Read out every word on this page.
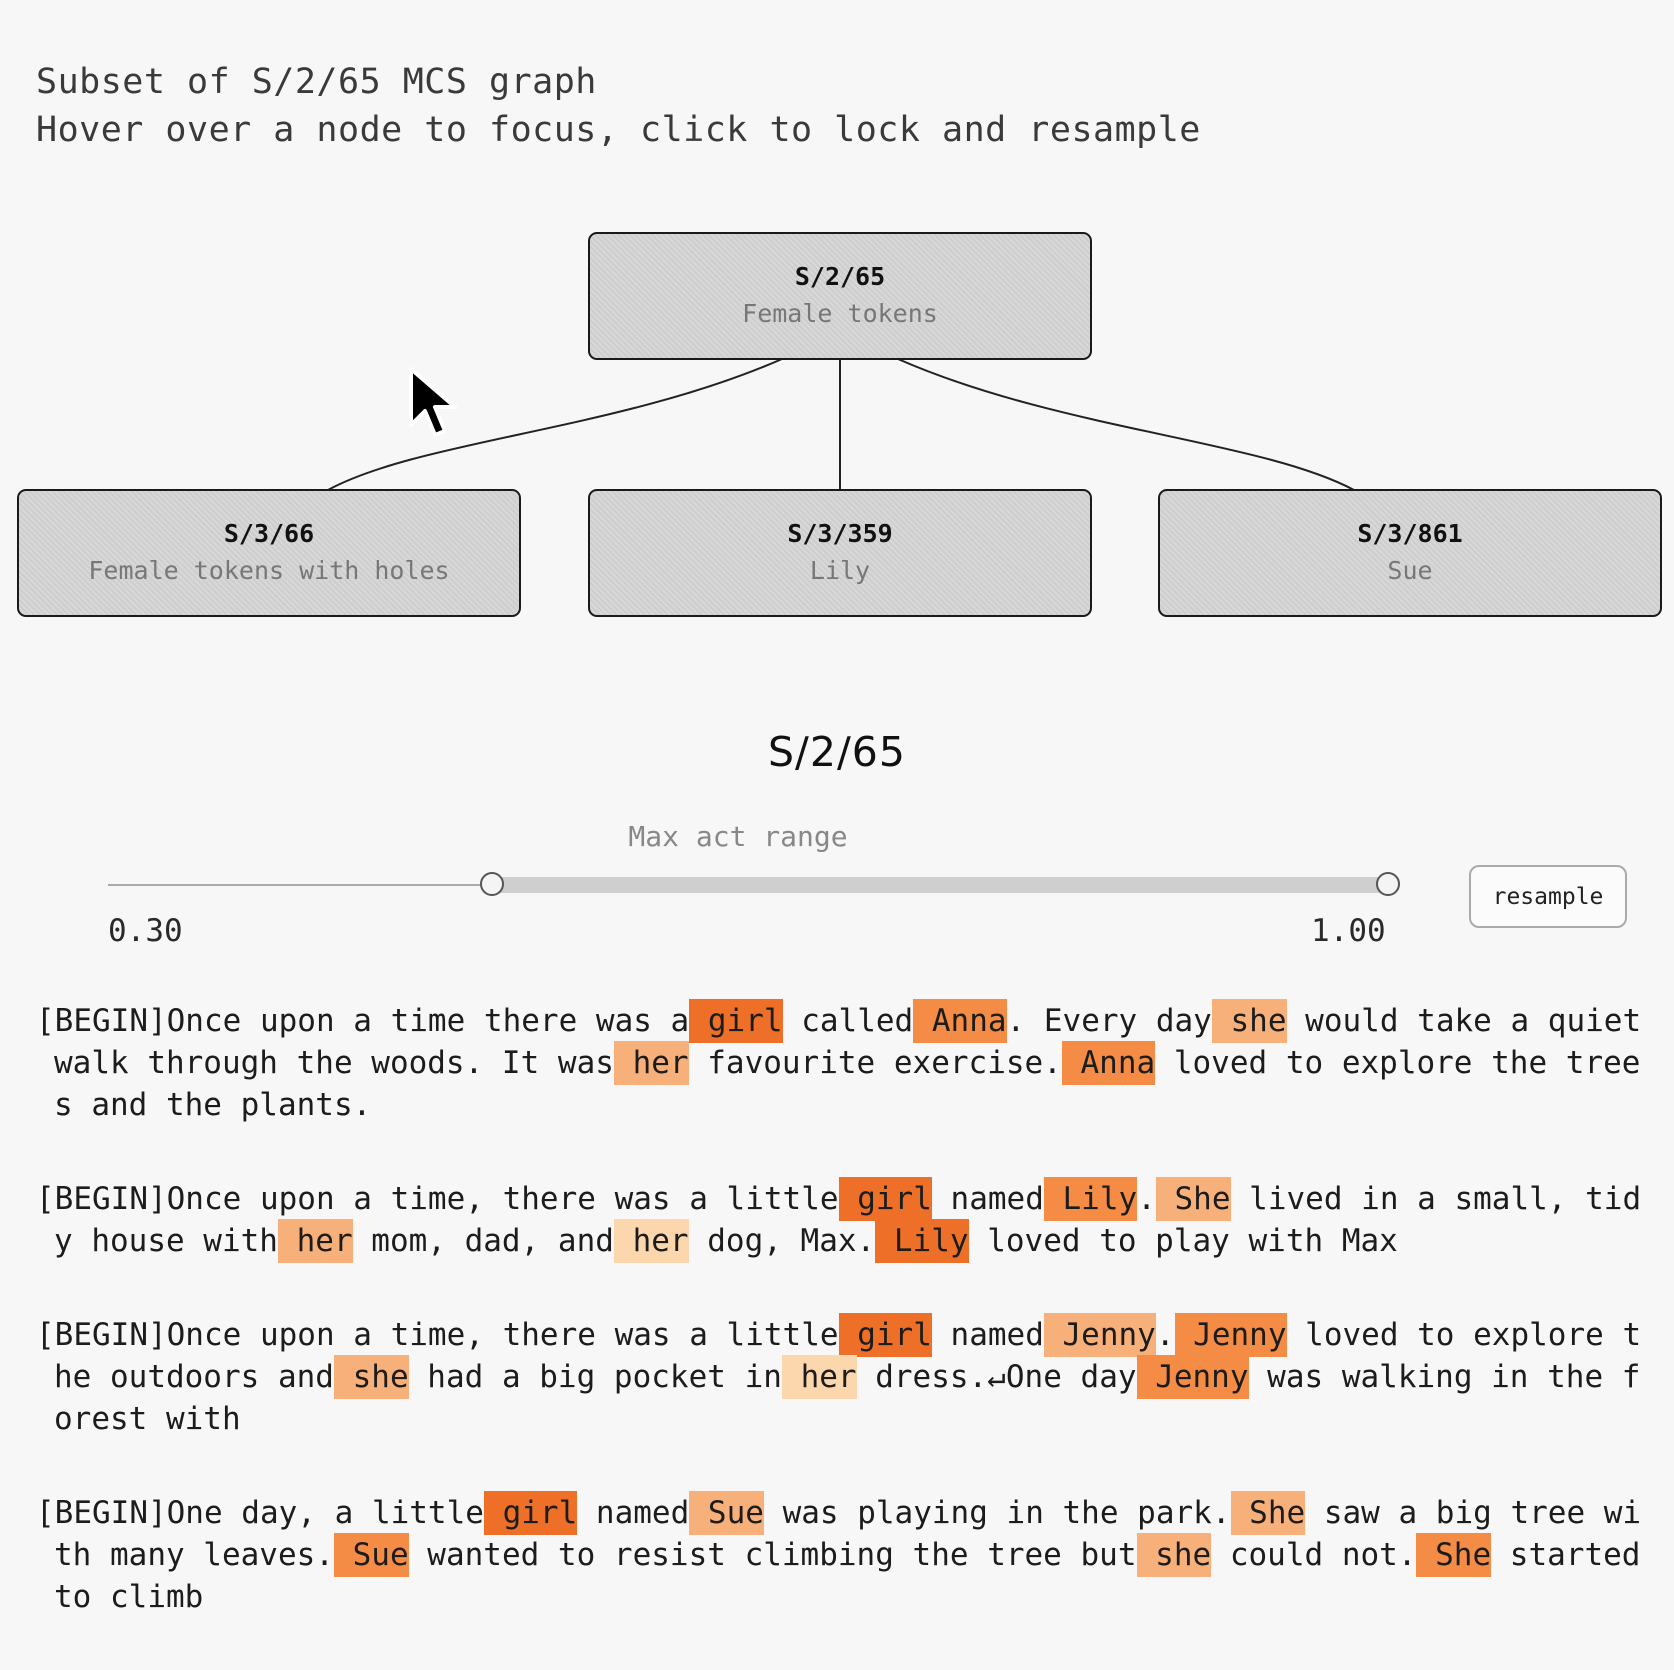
Subset of S/2/65 MCS graph
Hover over a node to focus, click to lock and resample
S/2/65
Female tokens
S/3/66
Female tokens with holes
S/3/359
Lily
S/3/861
Sue
S/2/65
Max act range
0.30	1.00
resample
[BEGIN]Once upon a time there was a girl called Anna. Every day she would take a quiet walk through the woods. It was her favourite exercise. Anna loved to explore the trees and the plants.
[BEGIN]Once upon a time, there was a little girl named Lily. She lived in a small, tidy house with her mom, dad, and her dog, Max. Lily loved to play with Max
[BEGIN]Once upon a time, there was a little girl named Jenny. Jenny loved to explore the outdoors and she had a big pocket in her dress.↵One day Jenny was walking in the forest with
[BEGIN]One day, a little girl named Sue was playing in the park. She saw a big tree with many leaves. Sue wanted to resist climbing the tree but she could not. She started to climb
